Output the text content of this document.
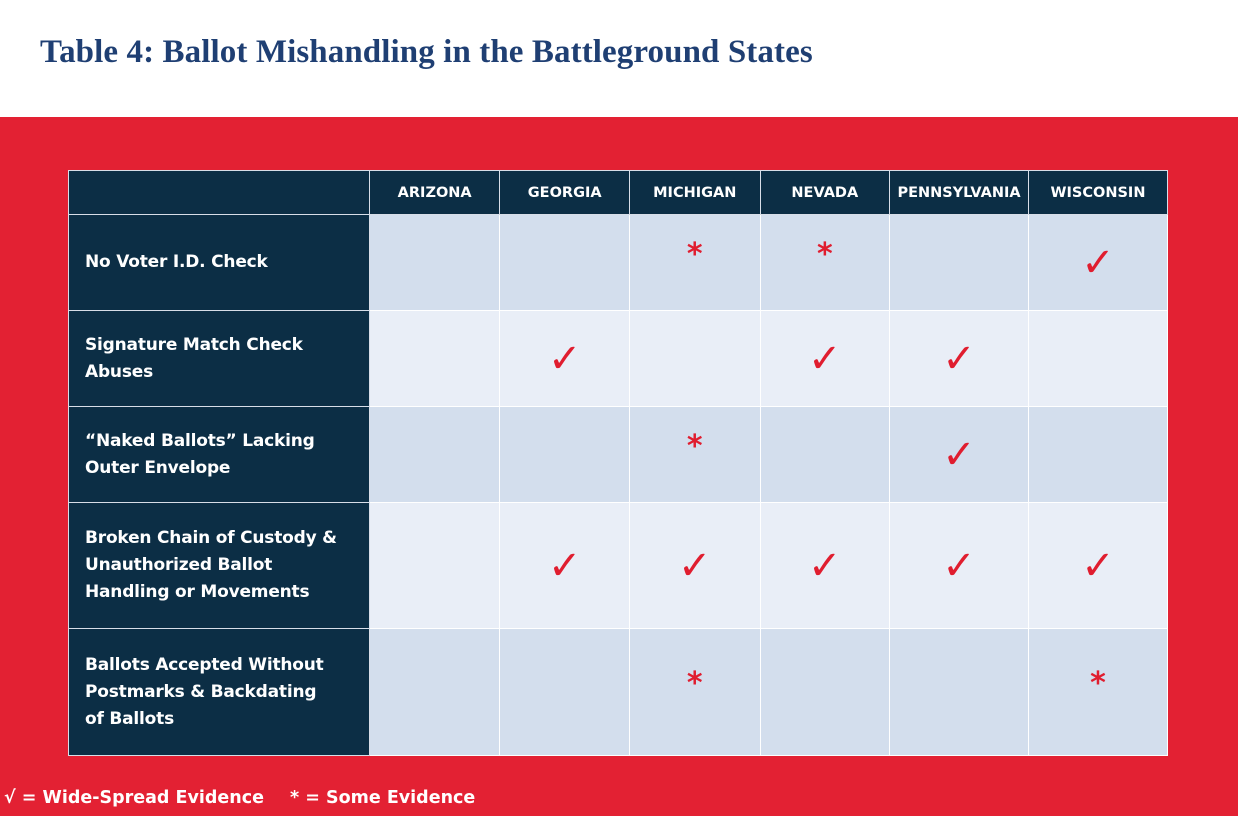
Table 4: Ballot Mishandling in the Battleground States
	ARIZONA	GEORGIA	MICHIGAN	NEVADA	PENNSYLVANIA	WISCONSIN
No Voter I.D. Check			*	*		✓
Signature Match Check
Abuses		✓		✓	✓	
“Naked Ballots” Lacking
Outer Envelope			*		✓	
Broken Chain of Custody &
Unauthorized Ballot
Handling or Movements		✓	✓	✓	✓	✓
Ballots Accepted Without
Postmarks & Backdating
of Ballots			*			*
√ = Wide-Spread Evidence * = Some Evidence
